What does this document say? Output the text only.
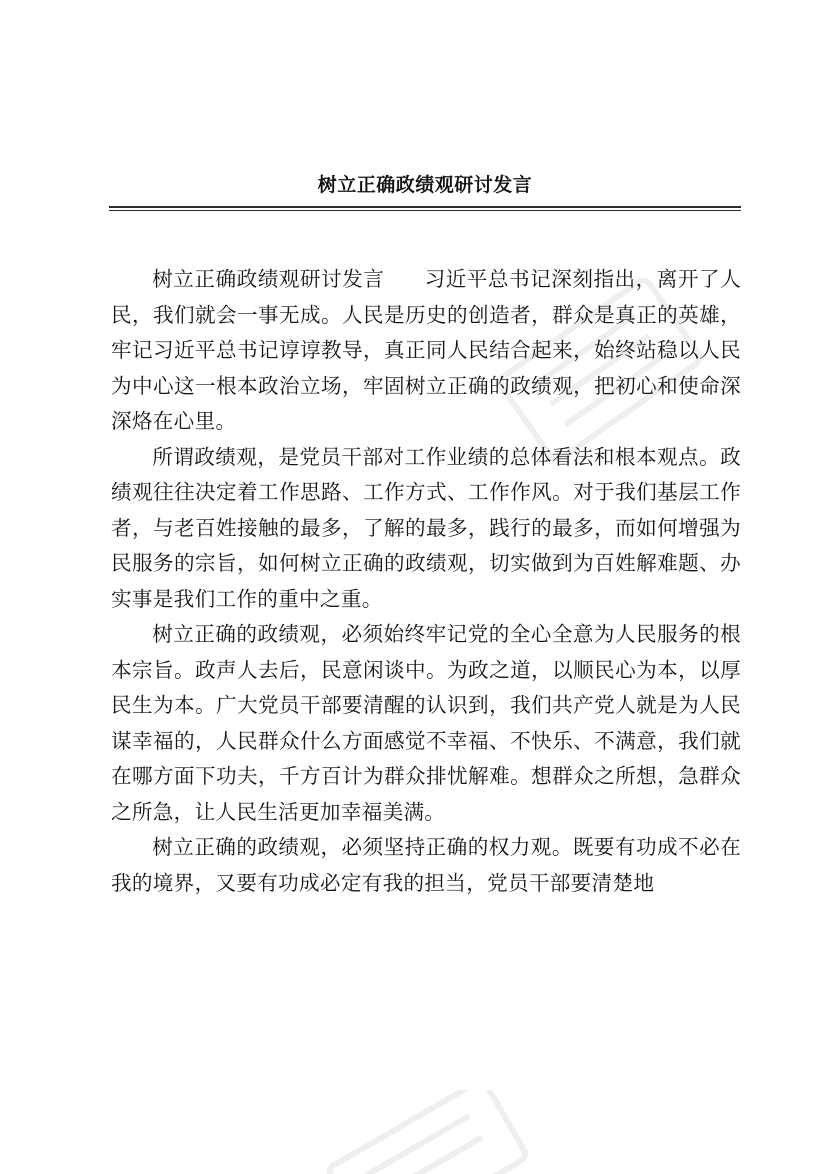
树立正确政绩观研讨发言

树立正确政绩观研讨发言 习近平总书记深刻指出，离开了人民，我们就会一事无成。人民是历史的创造者，群众是真正的英雄，牢记习近平总书记谆谆教导，真正同人民结合起来，始终站稳以人民为中心这一根本政治立场，牢固树立正确的政绩观，把初心和使命深深烙在心里。

所谓政绩观，是党员干部对工作业绩的总体看法和根本观点。政绩观往往决定着工作思路、工作方式、工作作风。对于我们基层工作者，与老百姓接触的最多，了解的最多，践行的最多，而如何增强为民服务的宗旨，如何树立正确的政绩观，切实做到为百姓解难题、办实事是我们工作的重中之重。

树立正确的政绩观，必须始终牢记党的全心全意为人民服务的根本宗旨。政声人去后，民意闲谈中。为政之道，以顺民心为本，以厚民生为本。广大党员干部要清醒的认识到，我们共产党人就是为人民谋幸福的，人民群众什么方面感觉不幸福、不快乐、不满意，我们就在哪方面下功夫，千方百计为群众排忧解难。想群众之所想，急群众之所急，让人民生活更加幸福美满。

树立正确的政绩观，必须坚持正确的权力观。既要有功成不必在我的境界，又要有功成必定有我的担当，党员干部要清楚地
